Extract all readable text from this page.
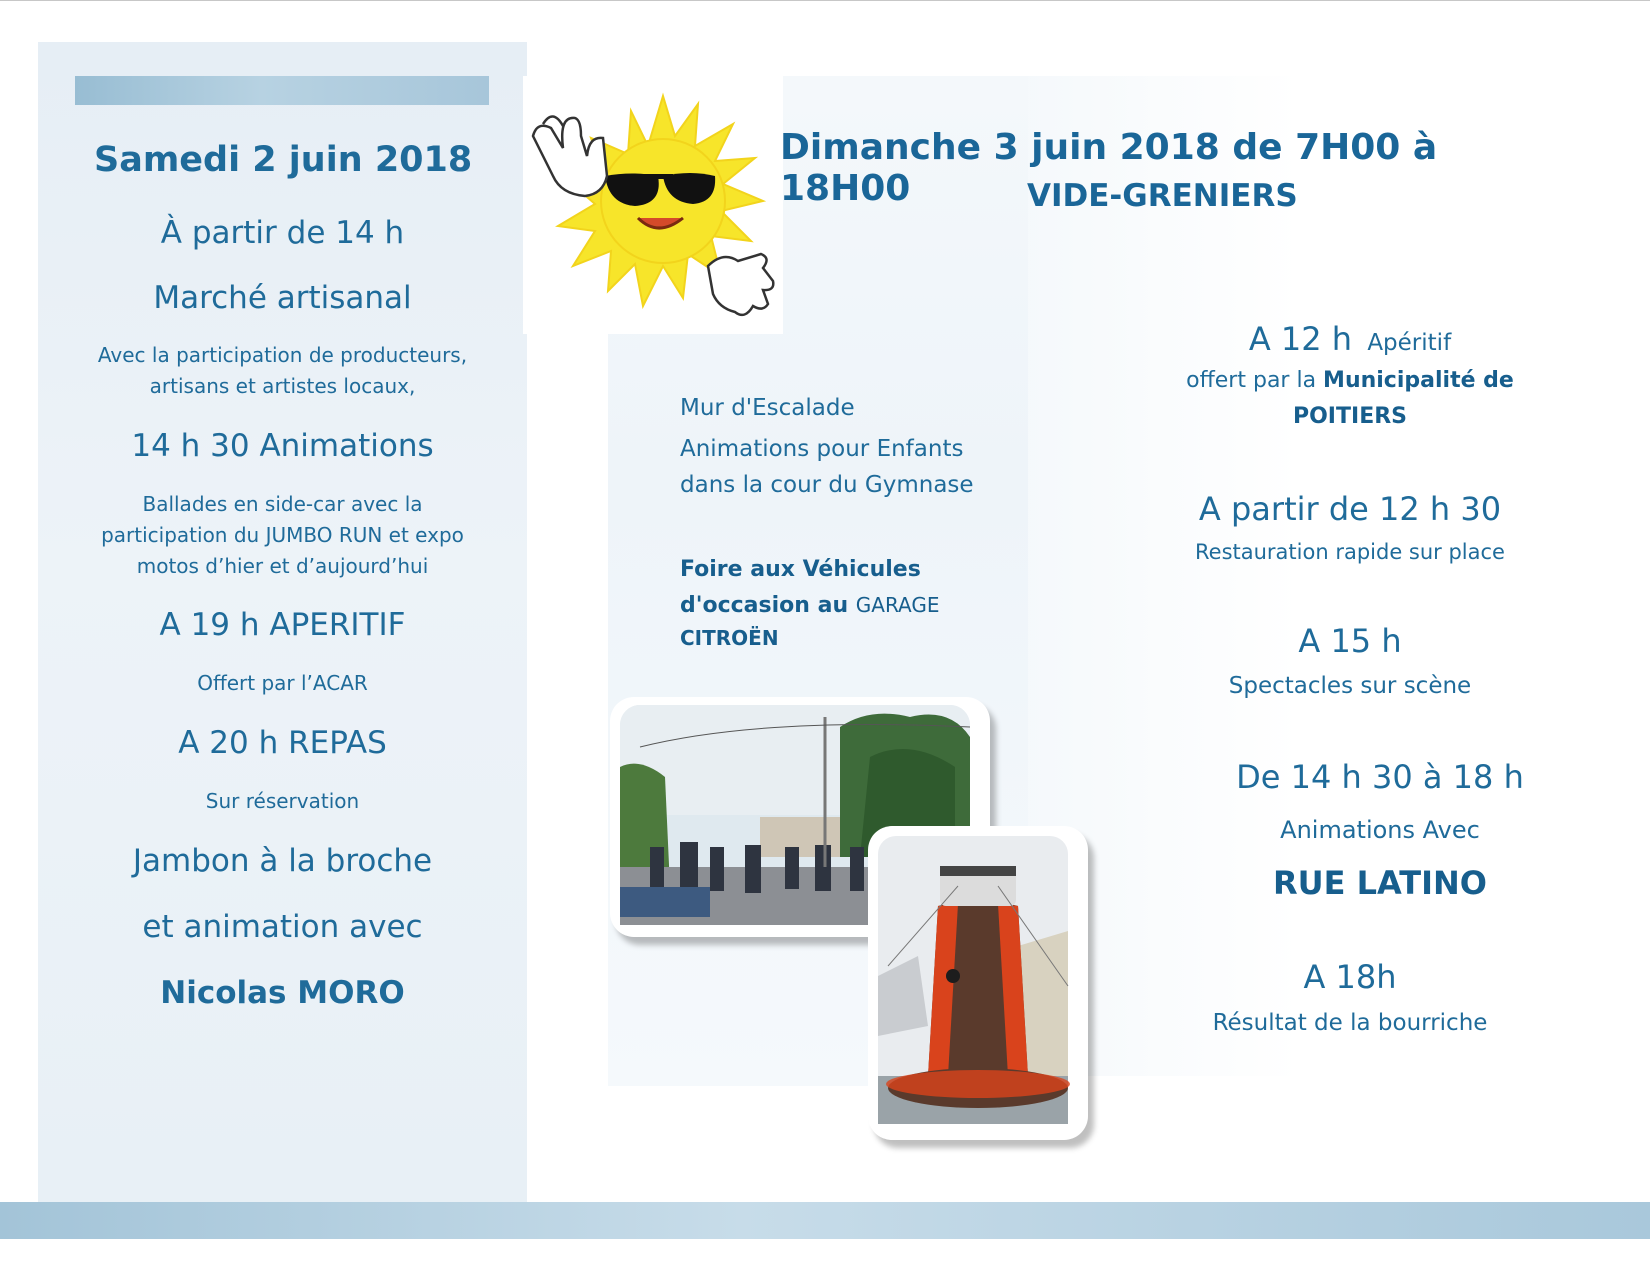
Samedi 2 juin 2018
À partir de 14 h
Marché artisanal
Avec la participation de producteurs,
artisans et artistes locaux,
14 h 30 Animations
Ballades en side-car avec la
participation du JUMBO RUN et expo
motos d’hier et d’aujourd’hui
A 19 h APERITIF
Offert par l’ACAR
A 20 h REPAS
Sur réservation
Jambon à la broche
et animation avec
Nicolas MORO
Dimanche 3 juin 2018 de 7H00 à 18H00	VIDE-GRENIERS
Mur d'Escalade
Animations pour Enfants
dans la cour du Gymnase
Foire aux Véhicules
d'occasion au GARAGE
CITROËN
A 12 h Apéritif
offert par la Municipalité de
POITIERS
A partir de 12 h 30
Restauration rapide sur place
A 15 h
Spectacles sur scène
De 14 h 30 à 18 h
Animations Avec
RUE LATINO
A 18h
Résultat de la bourriche
